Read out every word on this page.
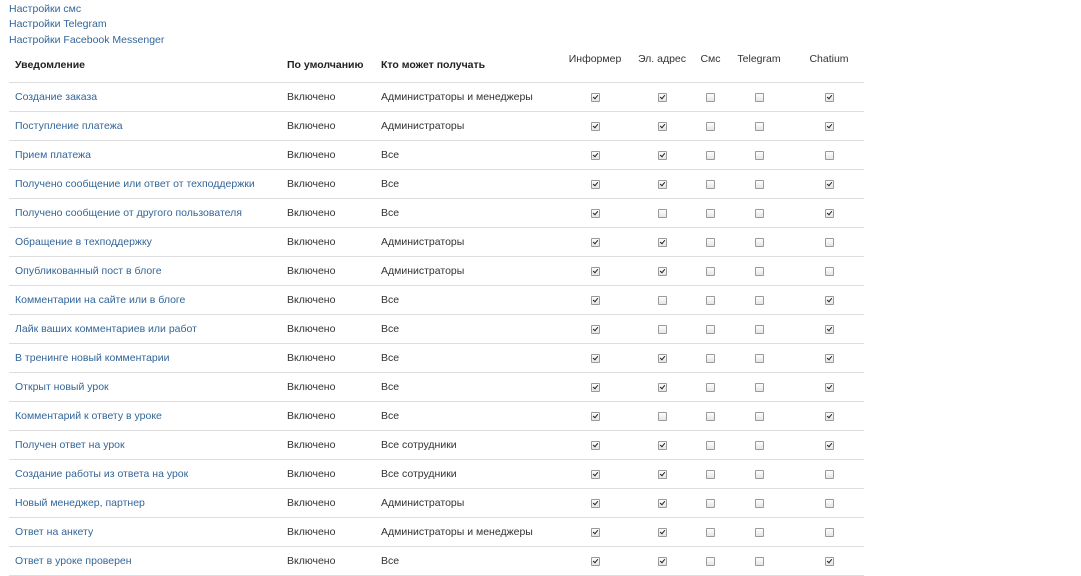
Настройки смс
Настройки Telegram
Настройки Facebook Messenger
Уведомление	По умолчанию	Кто может получать	Информер	Эл. адрес	Смс	Telegram	Chatium
Создание заказа	Включено	Администраторы и менеджеры					
Поступление платежа	Включено	Администраторы					
Прием платежа	Включено	Все					
Получено сообщение или ответ от техподдержки	Включено	Все					
Получено сообщение от другого пользователя	Включено	Все					
Обращение в техподдержку	Включено	Администраторы					
Опубликованный пост в блоге	Включено	Администраторы					
Комментарии на сайте или в блоге	Включено	Все					
Лайк ваших комментариев или работ	Включено	Все					
В тренинге новый комментарии	Включено	Все					
Открыт новый урок	Включено	Все					
Комментарий к ответу в уроке	Включено	Все					
Получен ответ на урок	Включено	Все сотрудники					
Создание работы из ответа на урок	Включено	Все сотрудники					
Новый менеджер, партнер	Включено	Администраторы					
Ответ на анкету	Включено	Администраторы и менеджеры					
Ответ в уроке проверен	Включено	Все					
